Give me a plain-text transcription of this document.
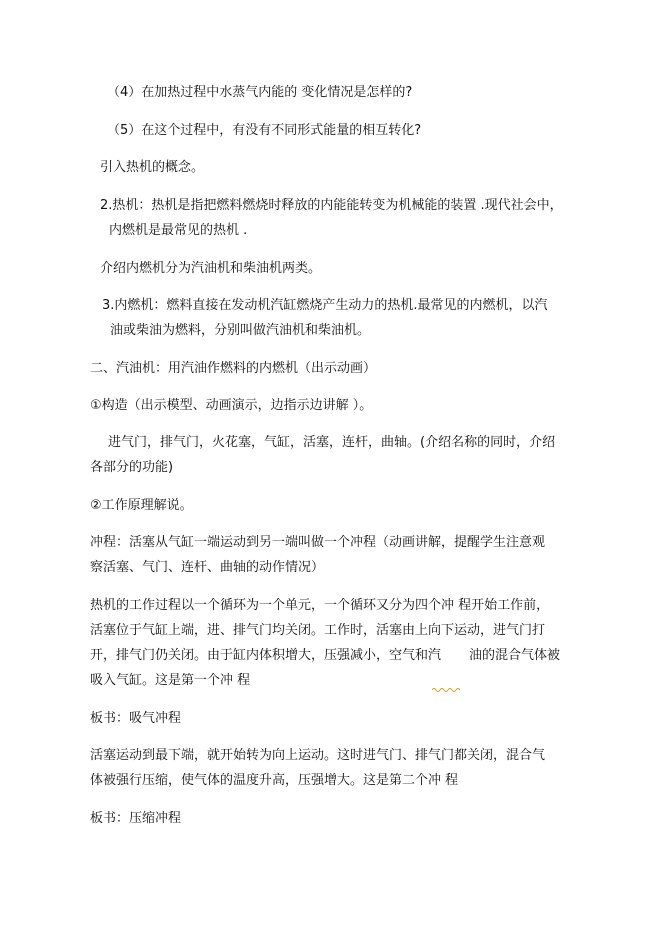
（4）在加热过程中水蒸气内能的 变化情况是怎样的?
（5）在这个过程中，有没有不同形式能量的相互转化?
引入热机的概念。
2.热机：热机是指把燃料燃烧时释放的内能能转变为机械能的装置 .现代社会中，
内燃机是最常见的热机 .
介绍内燃机分为汽油机和柴油机两类。
3.内燃机：燃料直接在发动机汽缸燃烧产生动力的热机.最常见的内燃机，以汽
油或柴油为燃料，分别叫做汽油机和柴油机。
二、汽油机：用汽油作燃料的内燃机（出示动画）
①构造（出示模型、动画演示，边指示边讲解 ）。
进气门，排气门，火花塞，气缸，活塞，连杆，曲轴。(介绍名称的同时，介绍
各部分的功能)
②工作原理解说。
冲程：活塞从气缸一端运动到另一端叫做一个冲程（动画讲解，提醒学生注意观
察活塞、气门、连杆、曲轴的动作情况）
热机的工作过程以一个循环为一个单元，一个循环又分为四个冲 程开始工作前，
活塞位于气缸上端，进、排气门均关闭。工作时，活塞由上向下运动，进气门打
开，排气门仍关闭。由于缸内体积增大，压强减小，空气和汽 油的混合气体被
吸入气缸。这是第一个冲 程
板书：吸气冲程
活塞运动到最下端，就开始转为向上运动。这时进气门、排气门都关闭，混合气
体被强行压缩，使气体的温度升高，压强增大。这是第二个冲 程
板书：压缩冲程
